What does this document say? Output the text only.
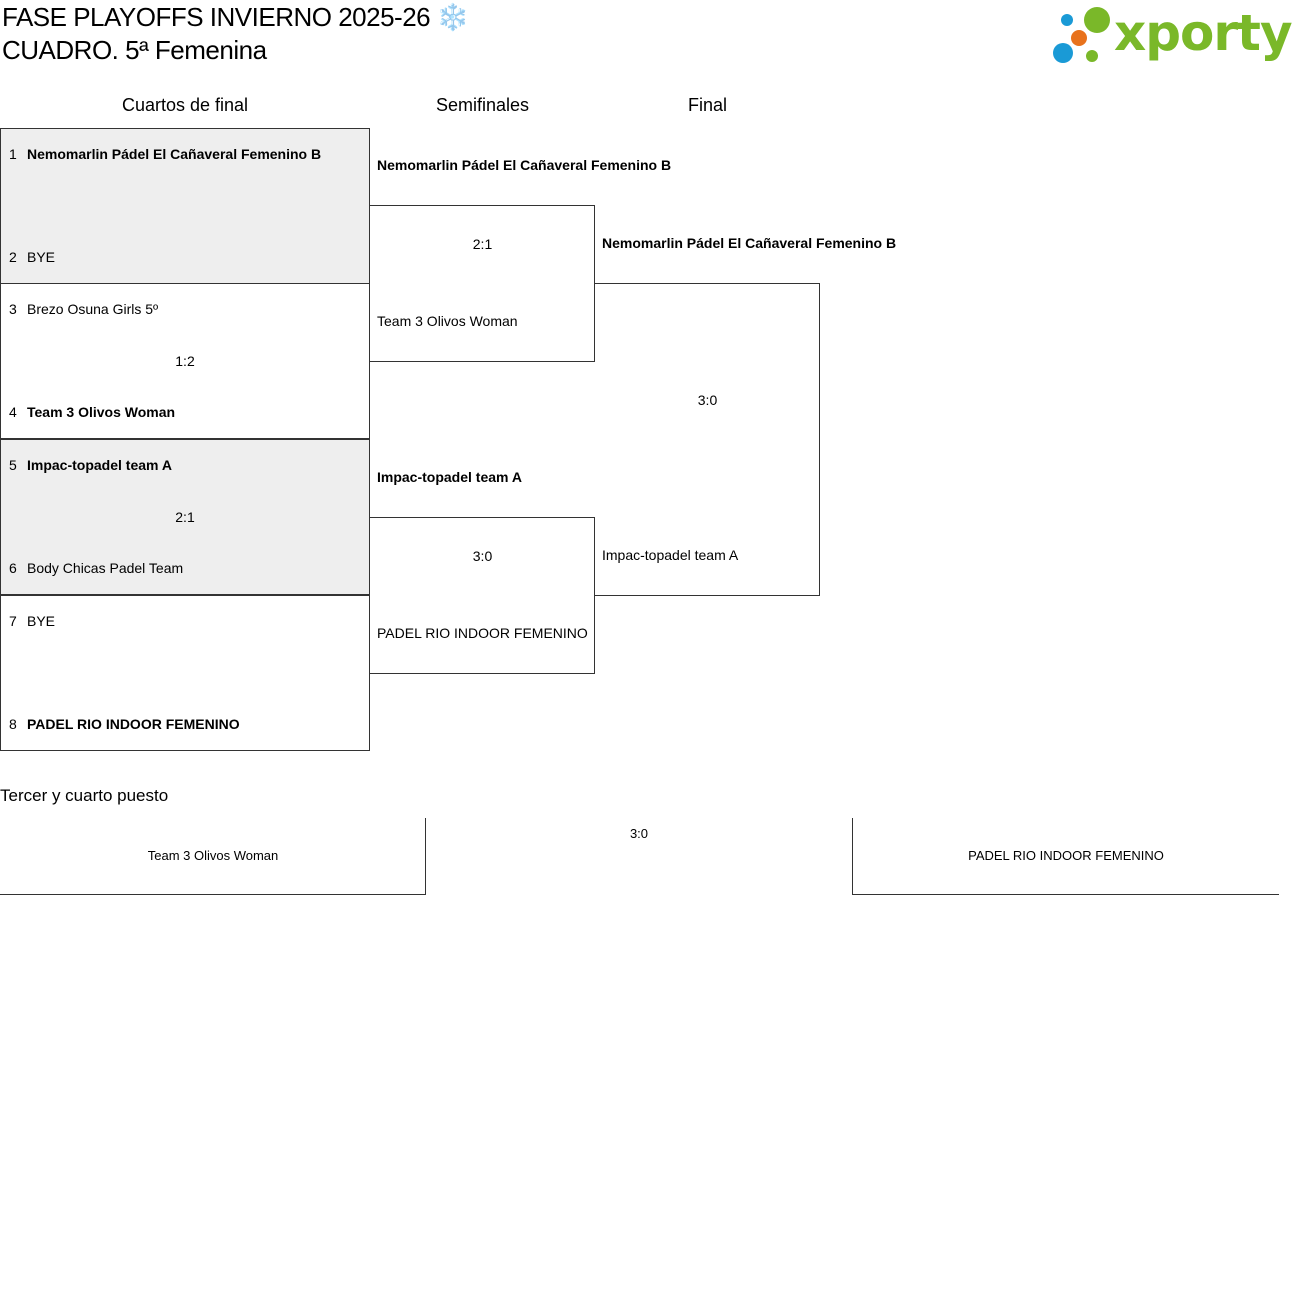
FASE PLAYOFFS INVIERNO 2025-26 ❄️
CUADRO. 5ª Femenina	xporty
Cuartos de final	Semifinales	Final
1 Nemomarlin Pádel El Cañaveral Femenino B
2 BYE
3 Brezo Osuna Girls 5º
4 Team 3 Olivos Woman
1:2
5 Impac-topadel team A
6 Body Chicas Padel Team
2:1
7 BYE
8 PADEL RIO INDOOR FEMENINO
Nemomarlin Pádel El Cañaveral Femenino B
2:1
Team 3 Olivos Woman
Impac-topadel team A
3:0
PADEL RIO INDOOR FEMENINO
Nemomarlin Pádel El Cañaveral Femenino B
3:0
Impac-topadel team A
Tercer y cuarto puesto
Team 3 Olivos Woman
3:0
PADEL RIO INDOOR FEMENINO
